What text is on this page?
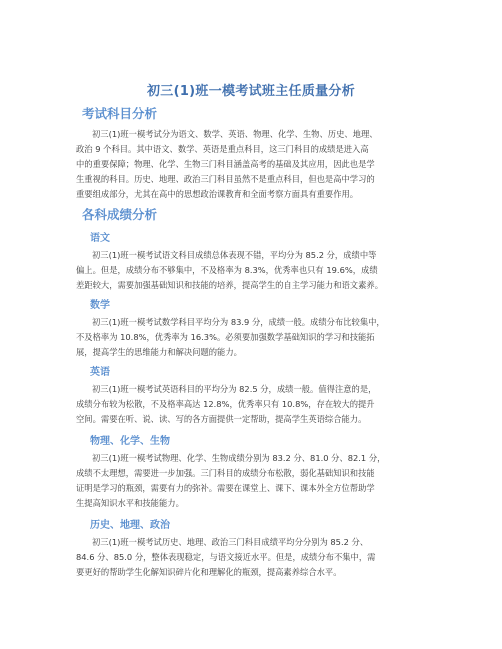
初三(1)班一模考试班主任质量分析
考试科目分析
初三(1)班一模考试分为语文、数学、英语、物理、化学、生物、历史、地理、
政治 9 个科目。其中语文、数学、英语是重点科目，这三门科目的成绩是进入高
中的重要保障；物理、化学、生物三门科目涵盖高考的基础及其应用，因此也是学
生重视的科目。历史、地理、政治三门科目虽然不是重点科目，但也是高中学习的
重要组成部分，尤其在高中的思想政治课教育和全面考察方面具有重要作用。
各科成绩分析
语文
初三(1)班一模考试语文科目成绩总体表现不错，平均分为 85.2 分，成绩中等
偏上。但是，成绩分布不够集中，不及格率为 8.3%，优秀率也只有 19.6%，成绩
差距较大，需要加强基础知识和技能的培养，提高学生的自主学习能力和语文素养。
数学
初三(1)班一模考试数学科目平均分为 83.9 分，成绩一般。成绩分布比较集中，
不及格率为 10.8%，优秀率为 16.3%。必须要加强数学基础知识的学习和技能拓
展，提高学生的思维能力和解决问题的能力。
英语
初三(1)班一模考试英语科目的平均分为 82.5 分，成绩一般。值得注意的是，
成绩分布较为松散，不及格率高达 12.8%，优秀率只有 10.8%，存在较大的提升
空间。需要在听、说、读、写的各方面提供一定帮助，提高学生英语综合能力。
物理、化学、生物
初三(1)班一模考试物理、化学、生物成绩分别为 83.2 分、81.0 分、82.1 分，
成绩不太理想，需要进一步加强。三门科目的成绩分布松散，弱化基础知识和技能
证明是学习的瓶颈，需要有力的弥补。需要在课堂上、课下、课本外全方位帮助学
生提高知识水平和技能能力。
历史、地理、政治
初三(1)班一模考试历史、地理、政治三门科目成绩平均分分别为 85.2 分、
84.6 分、85.0 分，整体表现稳定，与语文接近水平。但是，成绩分布不集中，需
要更好的帮助学生化解知识碎片化和理解化的瓶颈，提高素养综合水平。
